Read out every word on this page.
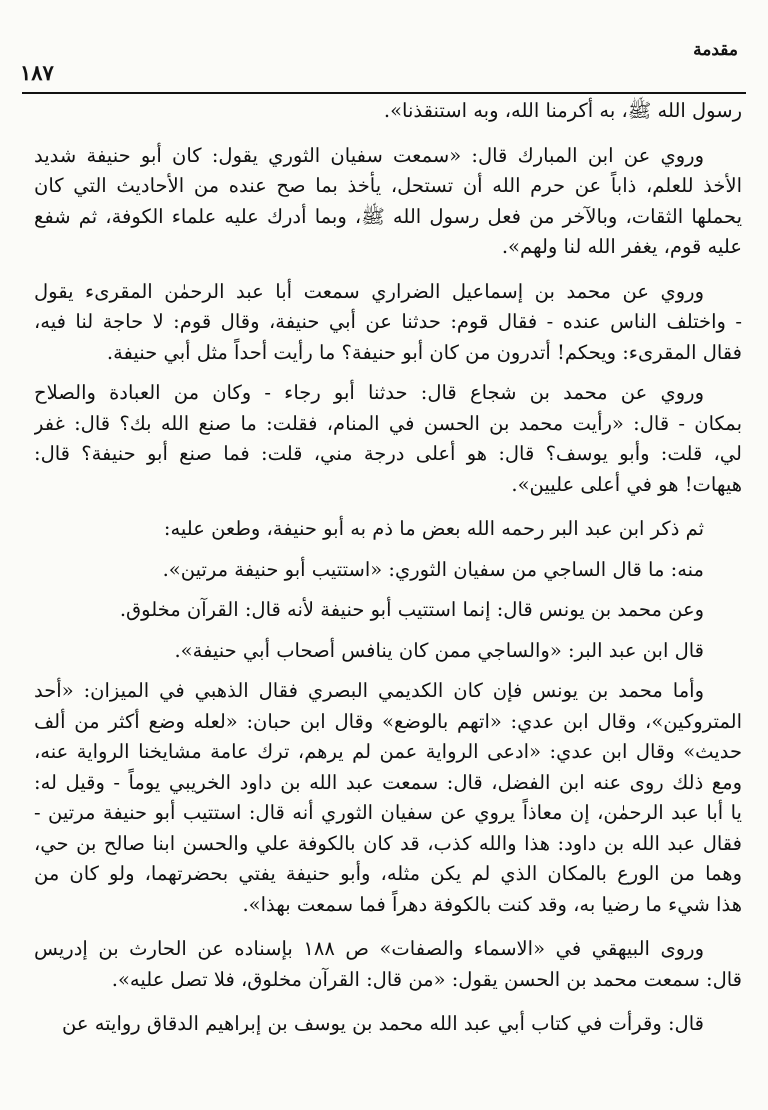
مقدمة
١٨٧
رسول الله ﷺ، به أكرمنا الله، وبه استنقذنا».
وروي عن ابن المبارك قال: «سمعت سفيان الثوري يقول: كان أبو حنيفة شديد
الأخذ للعلم، ذاباً عن حرم الله أن تستحل، يأخذ بما صح عنده من الأحاديث التي كان
يحملها الثقات، وبالآخر من فعل رسول الله ﷺ، وبما أدرك عليه علماء الكوفة، ثم شفع
عليه قوم، يغفر الله لنا ولهم».
وروي عن محمد بن إسماعيل الضراري سمعت أبا عبد الرحمٰن المقرىء يقول
- واختلف الناس عنده - فقال قوم: حدثنا عن أبي حنيفة، وقال قوم: لا حاجة لنا فيه،
فقال المقرىء: ويحكم! أتدرون من كان أبو حنيفة؟ ما رأيت أحداً مثل أبي حنيفة.
وروي عن محمد بن شجاع قال: حدثنا أبو رجاء - وكان من العبادة والصلاح
بمكان - قال: «رأيت محمد بن الحسن في المنام، فقلت: ما صنع الله بك؟ قال: غفر
لي، قلت: وأبو يوسف؟ قال: هو أعلى درجة مني، قلت: فما صنع أبو حنيفة؟ قال:
هيهات! هو في أعلى عليين».
ثم ذكر ابن عبد البر رحمه الله بعض ما ذم به أبو حنيفة، وطعن عليه:
منه: ما قال الساجي من سفيان الثوري: «استتيب أبو حنيفة مرتين».
وعن محمد بن يونس قال: إنما استتيب أبو حنيفة لأنه قال: القرآن مخلوق.
قال ابن عبد البر: «والساجي ممن كان ينافس أصحاب أبي حنيفة».
وأما محمد بن يونس فإن كان الكديمي البصري فقال الذهبي في الميزان: «أحد
المتروكين»، وقال ابن عدي: «اتهم بالوضع» وقال ابن حبان: «لعله وضع أكثر من ألف
حديث» وقال ابن عدي: «ادعى الرواية عمن لم يرهم، ترك عامة مشايخنا الرواية عنه،
ومع ذلك روى عنه ابن الفضل، قال: سمعت عبد الله بن داود الخريبي يوماً - وقيل له:
يا أبا عبد الرحمٰن، إن معاذاً يروي عن سفيان الثوري أنه قال: استتيب أبو حنيفة مرتين -
فقال عبد الله بن داود: هذا والله كذب، قد كان بالكوفة علي والحسن ابنا صالح بن حي،
وهما من الورع بالمكان الذي لم يكن مثله، وأبو حنيفة يفتي بحضرتهما، ولو كان من
هذا شيء ما رضيا به، وقد كنت بالكوفة دهراً فما سمعت بهذا».
وروى البيهقي في «الاسماء والصفات» ص ١٨٨ بإسناده عن الحارث بن إدريس
قال: سمعت محمد بن الحسن يقول: «من قال: القرآن مخلوق، فلا تصل عليه».
قال: وقرأت في كتاب أبي عبد الله محمد بن يوسف بن إبراهيم الدقاق روايته عن
